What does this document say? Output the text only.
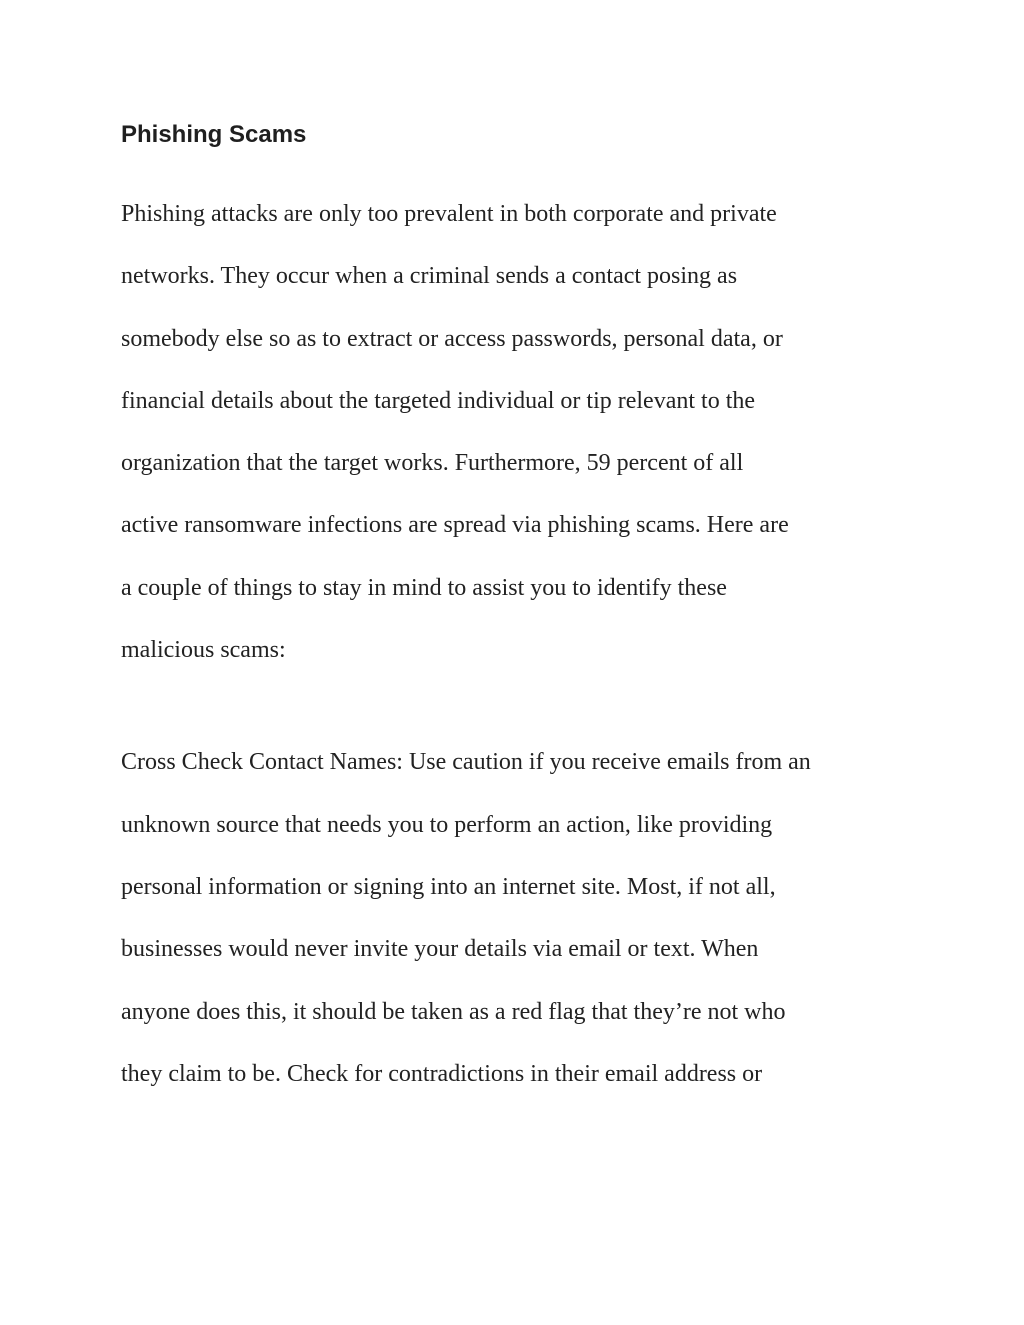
Phishing Scams

Phishing attacks are only too prevalent in both corporate and private
networks. They occur when a criminal sends a contact posing as
somebody else so as to extract or access passwords, personal data, or
financial details about the targeted individual or tip relevant to the
organization that the target works. Furthermore, 59 percent of all
active ransomware infections are spread via phishing scams. Here are
a couple of things to stay in mind to assist you to identify these
malicious scams:

Cross Check Contact Names: Use caution if you receive emails from an
unknown source that needs you to perform an action, like providing
personal information or signing into an internet site. Most, if not all,
businesses would never invite your details via email or text. When
anyone does this, it should be taken as a red flag that they’re not who
they claim to be. Check for contradictions in their email address or
